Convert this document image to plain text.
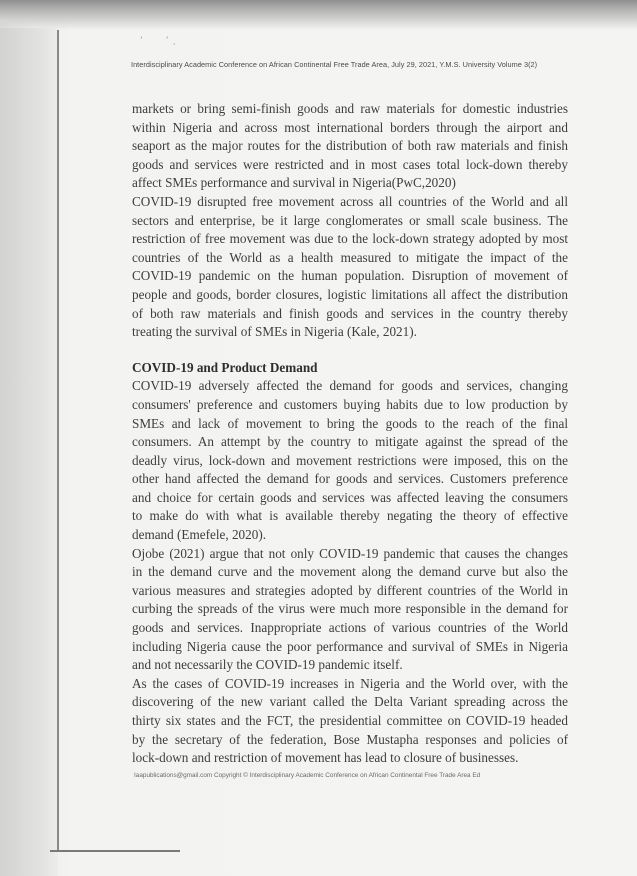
ʻ        ʻ ˏ
Interdisciplinary Academic Conference on African Continental Free Trade Area, July 29, 2021, Y.M.S. University Volume 3(2)
markets or bring semi-finish goods and raw materials for domestic industries
within Nigeria and across most international borders through the airport and
seaport as the major routes for the distribution of both raw materials and finish
goods and services were restricted and in most cases total lock-down thereby
affect SMEs performance and survival in Nigeria(PwC,2020)
COVID-19 disrupted free movement across all countries of the World and all
sectors and enterprise, be it large conglomerates or small scale business. The
restriction of free movement was due to the lock-down strategy adopted by most
countries of the World as a health measured to mitigate the impact of the
COVID-19 pandemic on the human population. Disruption of movement of
people and goods, border closures, logistic limitations all affect the distribution
of both raw materials and finish goods and services in the country thereby
treating the survival of SMEs in Nigeria (Kale, 2021).
COVID-19 and Product Demand
COVID-19 adversely affected the demand for goods and services, changing
consumers' preference and customers buying habits due to low production by
SMEs and lack of movement to bring the goods to the reach of the final
consumers. An attempt by the country to mitigate against the spread of the
deadly virus, lock-down and movement restrictions were imposed, this on the
other hand affected the demand for goods and services. Customers preference
and choice for certain goods and services was affected leaving the consumers
to make do with what is available thereby negating the theory of effective
demand (Emefele, 2020).
Ojobe (2021) argue that not only COVID-19 pandemic that causes the changes
in the demand curve and the movement along the demand curve but also the
various measures and strategies adopted by different countries of the World in
curbing the spreads of the virus were much more responsible in the demand for
goods and services. Inappropriate actions of various countries of the World
including Nigeria cause the poor performance and survival of SMEs in Nigeria
and not necessarily the COVID-19 pandemic itself.
As the cases of COVID-19 increases in Nigeria and the World over, with the
discovering of the new variant called the Delta Variant spreading across the
thirty six states and the FCT, the presidential committee on COVID-19 headed
by the secretary of the federation, Bose Mustapha responses and policies of
lock-down and restriction of movement has lead to closure of businesses.
Iaapublications@gmail.com Copyright © Interdisciplinary Academic Conference on African Continental Free Trade Area Ed
